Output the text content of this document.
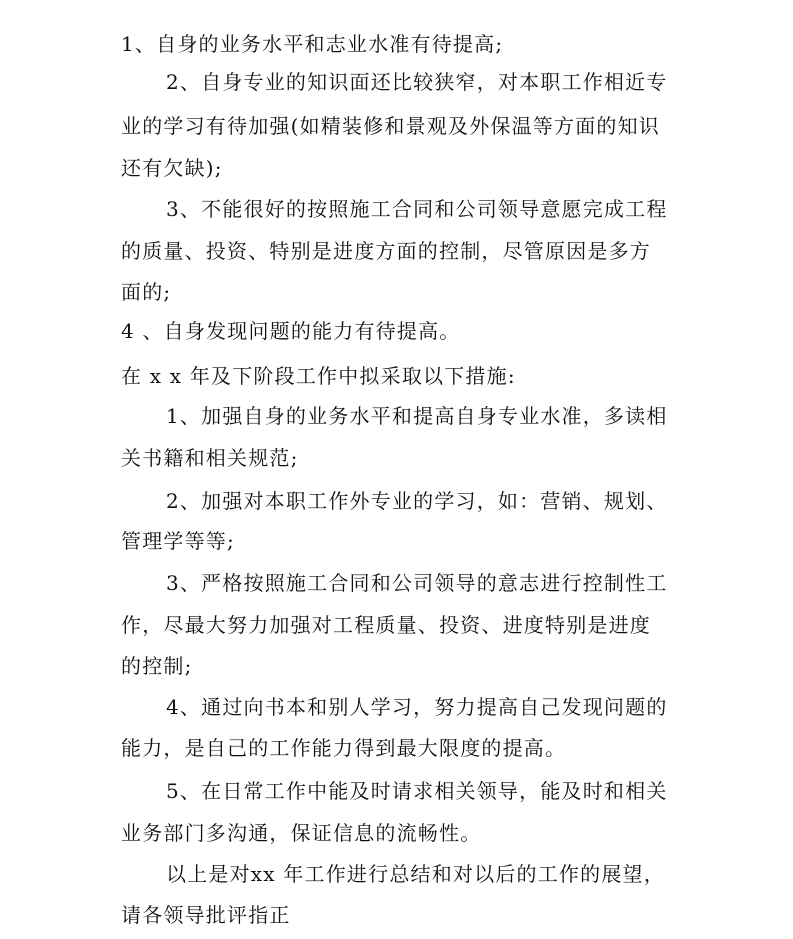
1、自身的业务水平和志业水准有待提高;
2、自身专业的知识面还比较狭窄，对本职工作相近专
业的学习有待加强(如精装修和景观及外保温等方面的知识
还有欠缺);
3、不能很好的按照施工合同和公司领导意愿完成工程
的质量、投资、特别是进度方面的控制，尽管原因是多方
面的;
4 、自身发现问题的能力有待提高。
在 x x 年及下阶段工作中拟采取以下措施:
1、加强自身的业务水平和提高自身专业水准，多读相
关书籍和相关规范;
2、加强对本职工作外专业的学习，如：营销、规划、
管理学等等;
3、严格按照施工合同和公司领导的意志进行控制性工
作，尽最大努力加强对工程质量、投资、进度特别是进度
的控制;
4、通过向书本和别人学习，努力提高自己发现问题的
能力，是自己的工作能力得到最大限度的提高。
5、在日常工作中能及时请求相关领导，能及时和相关
业务部门多沟通，保证信息的流畅性。
以上是对xx 年工作进行总结和对以后的工作的展望，
请各领导批评指正
